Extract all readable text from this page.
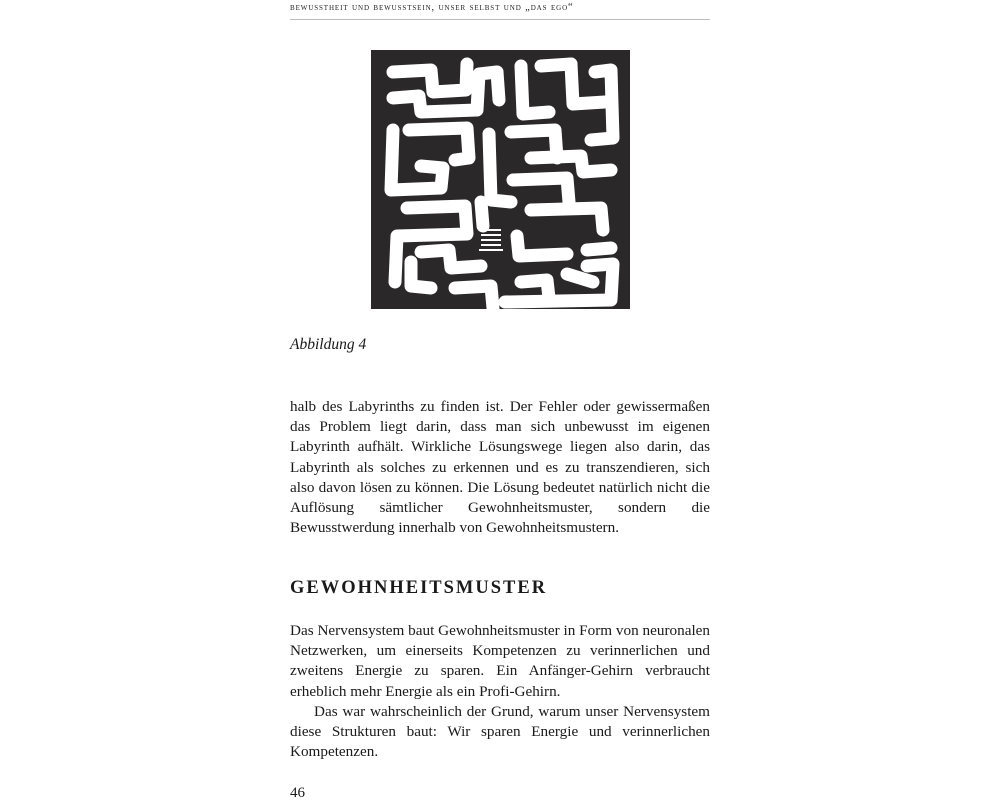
bewusstheit und bewusstsein, unser selbst und „das ego“
Abbildung 4

halb des Labyrinths zu finden ist. Der Fehler oder gewissermaßen das Problem liegt darin, dass man sich unbewusst im eigenen Labyrinth aufhält. Wirkliche Lösungswege liegen also darin, das Labyrinth als solches zu erkennen und es zu transzendieren, sich also davon lösen zu können. Die Lösung bedeutet natürlich nicht die Auflösung sämtlicher Gewohnheitsmuster, sondern die Bewusstwerdung innerhalb von Gewohnheitsmustern.

GEWOHNHEITSMUSTER

Das Nervensystem baut Gewohnheitsmuster in Form von neuronalen Netzwerken, um einerseits Kompetenzen zu verinnerlichen und zweitens Energie zu sparen. Ein Anfänger-Gehirn verbraucht erheblich mehr Energie als ein Profi-Gehirn.

Das war wahrscheinlich der Grund, warum unser Nervensystem diese Strukturen baut: Wir sparen Energie und verinnerlichen Kompetenzen.

46
